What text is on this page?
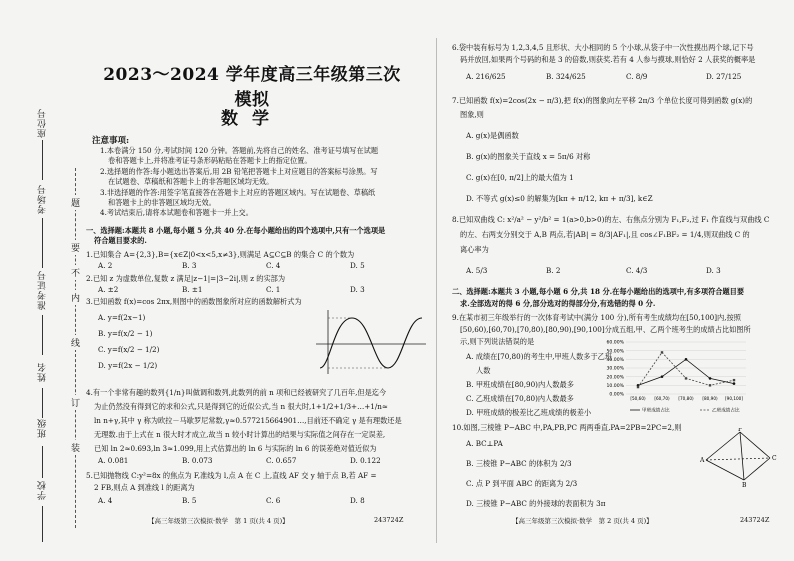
座位号
考场号
准考证号
姓名
班级
学校
题
要
不
内
线
订
装
2023～2024 学年度高三年级第三次模拟
数学
注意事项:
1.本卷满分 150 分,考试时间 120 分钟。答题前,先将自己的姓名、准考证号填写在试题
卷和答题卡上,并将准考证号条形码粘贴在答题卡上的指定位置。
2.选择题的作答:每小题选出答案后,用 2B 铅笔把答题卡上对应题目的答案标号涂黑。写
在试题卷、草稿纸和答题卡上的非答题区域均无效。
3.非选择题的作答:用签字笔直接答在答题卡上对应的答题区域内。写在试题卷、草稿纸
和答题卡上的非答题区域均无效。
4.考试结束后,请将本试题卷和答题卡一并上交。
一、选择题:本题共 8 小题,每小题 5 分,共 40 分.在每小题给出的四个选项中,只有一个选项是
符合题目要求的.
1.已知集合 A={2,3},B={x∈Z|0<x<5,x≠3},则满足 A⊆C⊆B 的集合 C 的个数为
A. 2	B. 3	C. 4	D. 5
2.已知 z 为虚数单位,复数 z 满足|z−1|=|3−2i|,则 z 的实部为
A. ±2	B. ±1	C. 1	D. 3
3.已知函数 f(x)=cos 2πx,则图中的函数图象所对应的函数解析式为
A. y=f(2x−1)
B. y=f(x/2 − 1)
C. y=f(x/2 − 1/2)
D. y=f(2x − 1/2)
4.有一个非常有趣的数列{1/n}叫做调和数列,此数列的前 n 项和已经被研究了几百年,但是迄今
为止仍然没有得到它的求和公式,只是得到它的近似公式,当 n 很大时,1+1/2+1/3+…+1/n≈
ln n+γ,其中 γ 称为欧拉－马歇罗尼常数,γ≈0.577215664901…,目前还不确定 γ 是有理数还是
无理数.由于上式在 n 很大时才成立,故当 n 较小时计算出的结果与实际值之间存在一定误差,
已知 ln 2≈0.693,ln 3≈1.099,用上式估算出的 ln 6 与实际的 ln 6 的误差绝对值近似为
A. 0.081	B. 0.073	C. 0.657	D. 0.122
5.已知抛物线 C:y²=8x 的焦点为 F,准线为 l,点 A 在 C 上,直线 AF 交 y 轴于点 B,若 AF =
2 FB,则点 A 到准线 l 的距离为
A. 4	B. 5	C. 6	D. 8
【高三年级第三次模拟·数学　第 1 页(共 4 页)】	243724Z
6.袋中装有标号为 1,2,3,4,5 且形状、大小相同的 5 个小球,从袋子中一次性摸出两个球,记下号
码并放回,如果两个号码的和是 3 的倍数,则获奖.若有 4 人参与摸球,则恰好 2 人获奖的概率是
A. 216/625	B. 324/625	C. 8/9	D. 27/125
7.已知函数 f(x)=2cos(2x − π/3),把 f(x)的图象向左平移 2π/3 个单位长度可得到函数 g(x)的
图象,则
A. g(x)是偶函数
B. g(x)的图象关于直线 x = 5π/6 对称
C. g(x)在[0, π/2]上的最大值为 1
D. 不等式 g(x)≤0 的解集为[kπ + π/12, kπ + π/3], k∈Z
8.已知双曲线 C: x²/a² − y²/b² = 1(a>0,b>0)的左、右焦点分别为 F₁,F₂,过 F₁ 作直线与双曲线 C
的左、右两支分别交于 A,B 两点,若|AB| = 8/3|AF₁|,且 cos∠F₁BF₂ = 1/4,则双曲线 C 的
离心率为
A. 5/3	B. 2	C. 4/3	D. 3
二、选择题:本题共 3 小题,每小题 6 分,共 18 分.在每小题给出的选项中,有多项符合题目要
求.全部选对的得 6 分,部分选对的得部分分,有选错的得 0 分.
9.在某市初三年级举行的一次体育考试中(满分 100 分),所有考生成绩均在[50,100]内,按照
[50,60),[60,70),[70,80),[80,90),[90,100]分成五组,甲、乙两个班考生的成绩占比如图所
示,则下列说法错误的是
A. 成绩在[70,80)的考生中,甲班人数多于乙班
人数
B. 甲班成绩在[80,90)内人数最多
C. 乙班成绩在[70,80)内人数最多
D. 甲班成绩的极差比乙班成绩的极差小
0.00%
10.00%
20.00%
30.00%
40.00%
50.00%
60.00%
[50,60) [60,70) [70,80) [80,90) [90,100]
甲班成绩占比	乙班成绩占比
10.如图,三棱锥 P−ABC 中,PA,PB,PC 两两垂直,PA=2PB=2PC=2,则
A. BC⊥PA
B. 三棱锥 P−ABC 的体积为 2/3
C. 点 P 到平面 ABC 的距离为 2/3
D. 三棱锥 P−ABC 的外接球的表面积为 3π
P
A	C
B
【高三年级第三次模拟·数学　第 2 页(共 4 页)】	243724Z
